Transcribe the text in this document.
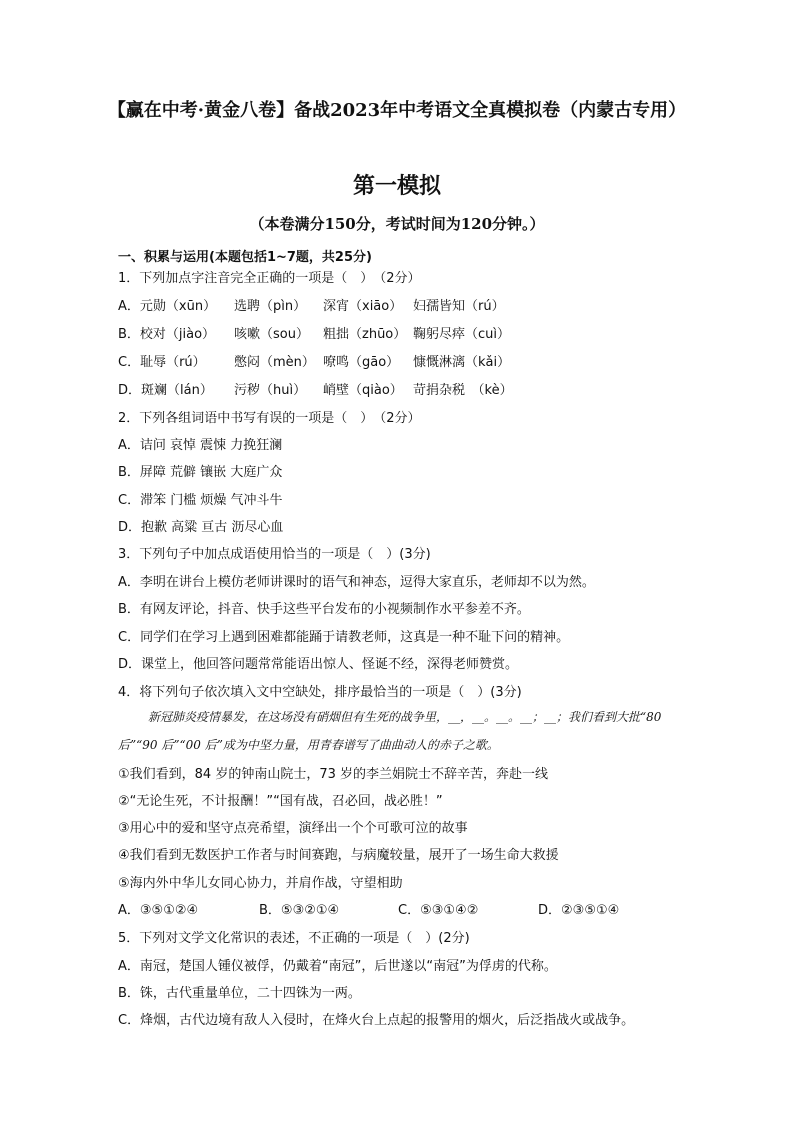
【赢在中考·黄金八卷】备战2023年中考语文全真模拟卷（内蒙古专用）
第一模拟
（本卷满分150分，考试时间为120分钟。）
一、积累与运用(本题包括1~7题，共25分)
1．下列加点字注音完全正确的一项是（　）　（2分）
A．元勋（xūn） 选聘（pìn） 深宵（xiāo） 妇孺皆知（rú）
B．校对（jiào） 咳嗽（sou） 粗拙（zhūo） 鞠躬尽瘁（cuì）
C．耻辱（rú） 憋闷（mèn） 嘹鸣（gāo） 慷慨淋漓（kǎi）
D．斑斓（lán） 污秽（huì） 峭壁（qiào） 苛捐杂税　（kè）
2．下列各组词语中书写有误的一项是（　）　（2分）
A．诘问 哀悼 震悚 力挽狂澜
B．屏障 荒僻 镶嵌 大庭广众
C．滞笨 门槛 烦燥 气冲斗牛
D．抱歉 高粱 亘古 沥尽心血
3．下列句子中加点成语使用恰当的一项是（　）(3分)
A．李明在讲台上模仿老师讲课时的语气和神态，逗得大家直乐，老师却不以为然。
B．有网友评论，抖音、快手这些平台发布的小视频制作水平参差不齐。
C．同学们在学习上遇到困难都能踊于请教老师，这真是一种不耻下问的精神。
D．课堂上，他回答问题常常能语出惊人、怪诞不经，深得老师赞赏。
4．将下列句子依次填入文中空缺处，排序最恰当的一项是（　）(3分)
新冠肺炎疫情暴发，在这场没有硝烟但有生死的战争里，__，__。__。__；__；我们看到大批“80 后”“90 后”“00 后”成为中坚力量，用青春谱写了曲曲动人的赤子之歌。
①我们看到，84 岁的钟南山院士，73 岁的李兰娟院士不辞辛苦，奔赴一线
②“无论生死，不计报酬！”“国有战，召必回，战必胜！”
③用心中的爱和坚守点亮希望，演绎出一个个可歌可泣的故事
④我们看到无数医护工作者与时间赛跑，与病魔较量，展开了一场生命大救援
⑤海内外中华儿女同心协力，并肩作战，守望相助
A．③⑤①②④	B．⑤③②①④	C．⑤③①④②	D．②③⑤①④
5．下列对文学文化常识的表述，不正确的一项是（　）(2分)
A．南冠，楚国人锺仪被俘，仍戴着“南冠”，后世遂以“南冠”为俘虏的代称。
B．铢，古代重量单位，二十四铢为一两。
C．烽烟，古代边境有敌人入侵时，在烽火台上点起的报警用的烟火，后泛指战火或战争。
